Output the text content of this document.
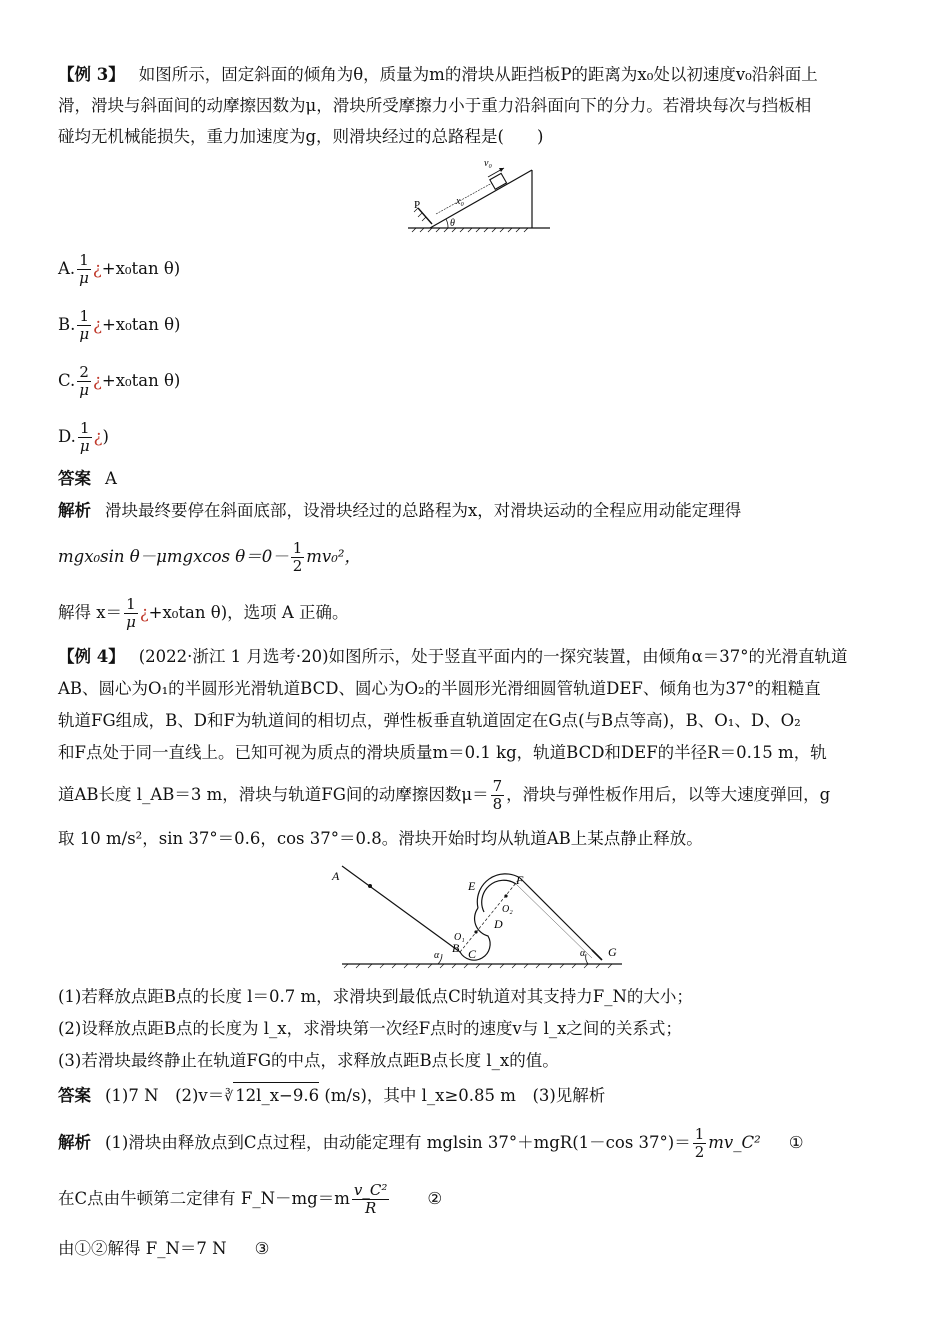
【例 3】 如图所示，固定斜面的倾角为θ，质量为m的滑块从距挡板P的距离为x₀处以初速度v₀沿斜面上
滑，滑块与斜面间的动摩擦因数为μ，滑块所受摩擦力小于重力沿斜面向下的分力。若滑块每次与挡板相
碰均无机械能损失，重力加速度为g，则滑块经过的总路程是(　　)
v₀
x₀
P
θ
A. $\frac{1}{\mu}$ ¿+x₀tan θ)
B. $\frac{1}{\mu}$ ¿+x₀tan θ)
C. $\frac{2}{\mu}$ ¿+x₀tan θ)
D. $\frac{1}{\mu}$ ¿)
答案 A
解析 滑块最终要停在斜面底部，设滑块经过的总路程为x，对滑块运动的全程应用动能定理得
mgx₀sin θ－μmgxcos $\theta=0- \frac{1}{2} mv_0^2$，
解得 $x= \frac{1}{\mu}$ ¿+x₀tan θ)，选项 A 正确。
【例 4】 (2022·浙江 1 月选考·20)如图所示，处于竖直平面内的一探究装置，由倾角α＝37°的光滑直轨道
AB、圆心为O₁的半圆形光滑轨道BCD、圆心为O₂的半圆形光滑细圆管轨道DEF、倾角也为37°的粗糙直
轨道FG组成，B、D和F为轨道间的相切点，弹性板垂直轨道固定在G点(与B点等高)，B、O₁、D、O₂
和F点处于同一直线上。已知可视为质点的滑块质量m＝0.1 kg，轨道BCD和DEF的半径R＝0.15 m，轨
道AB长度 l_AB＝3 m，滑块与轨道FG间的动摩擦因数$\mu= \frac{7}{8}$ ，滑块与弹性板作用后，以等大速度弹回，g
取 10 m/s²，sin 37°＝0.6，cos 37°＝0.8。滑块开始时均从轨道AB上某点静止释放。
A
B C
D
E	F
G
O₁
O₂
α	α
(1)若释放点距B点的长度 l＝0.7 m，求滑块到最低点C时轨道对其支持力F_N的大小；
(2)设释放点距B点的长度为 l_x，求滑块第一次经F点时的速度v与 l_x之间的关系式；
(3)若滑块最终静止在轨道FG的中点，求释放点距B点长度 l_x的值。
答案 (1)7 N　 (2)v＝∛ 12l_x−9.6 (m/s)，其中 l_x≥0.85 m　 (3)见解析
解析 (1)滑块由释放点到C点过程，由动能定理有 mglsin 37°＋mgR(1－cos $37^\circ)= \frac{1}{2}$ mv_C² ①
在C点由牛顿第二定律有 F_N－mg＝m $\frac{\text{v\_C²}}{R}$ ②
由①②解得 F_N＝7 N ③
